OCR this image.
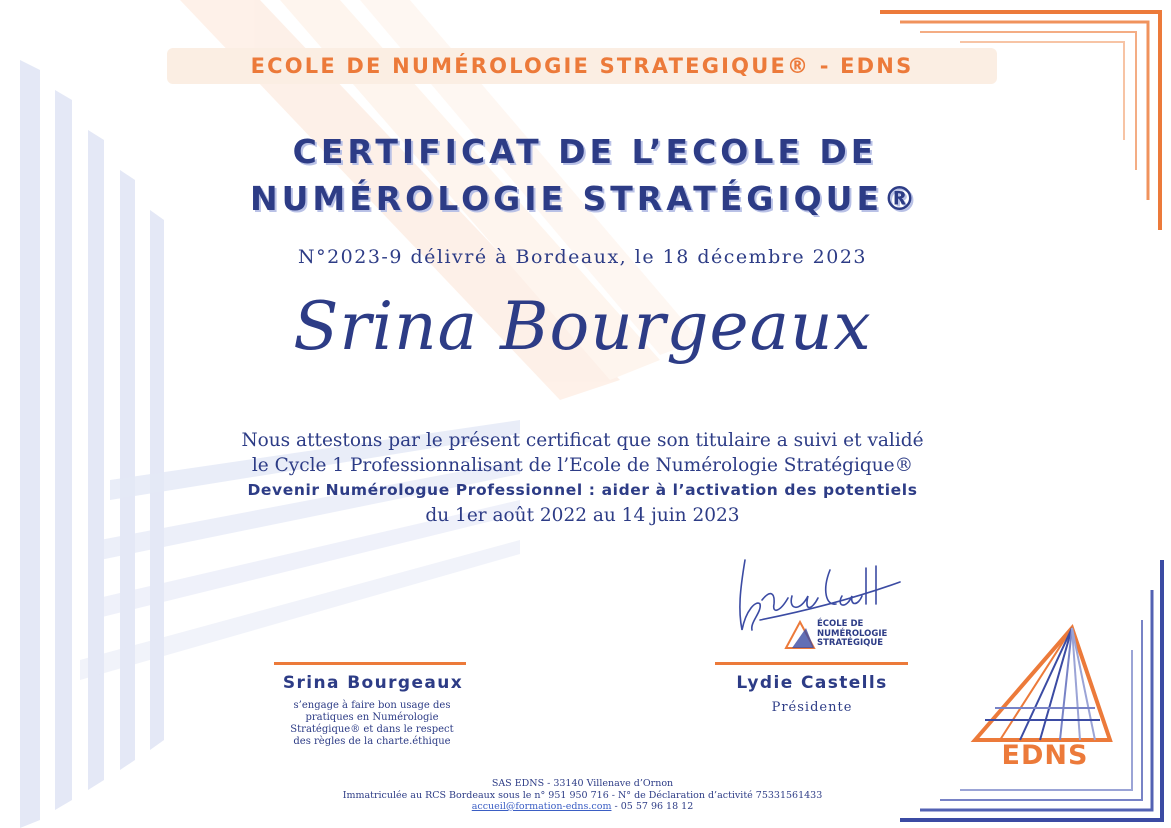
ECOLE DE NUMÉROLOGIE STRATEGIQUE® - EDNS
CERTIFICAT DE L’ECOLE DE
NUMÉROLOGIE STRATÉGIQUE®
N°2023-9 délivré à Bordeaux, le 18 décembre 2023
Srina Bourgeaux
Nous attestons par le présent certificat que son titulaire a suivi et validé
le Cycle 1 Professionnalisant de l’Ecole de Numérologie Stratégique®
Devenir Numérologue Professionnel : aider à l’activation des potentiels
du 1er août 2022 au 14 juin 2023
Srina Bourgeaux
s’engage à faire bon usage des
pratiques en Numérologie
Stratégique® et dans le respect
des règles de la charte.éthique
ÉCOLE DE
NUMÉROLOGIE
STRATÉGIQUE
Lydie Castells
Présidente
EDNS
SAS EDNS - 33140 Villenave d’Ornon
Immatriculée au RCS Bordeaux sous le n° 951 950 716 - N° de Déclaration d’activité 75331561433
accueil@formation-edns.com - 05 57 96 18 12
